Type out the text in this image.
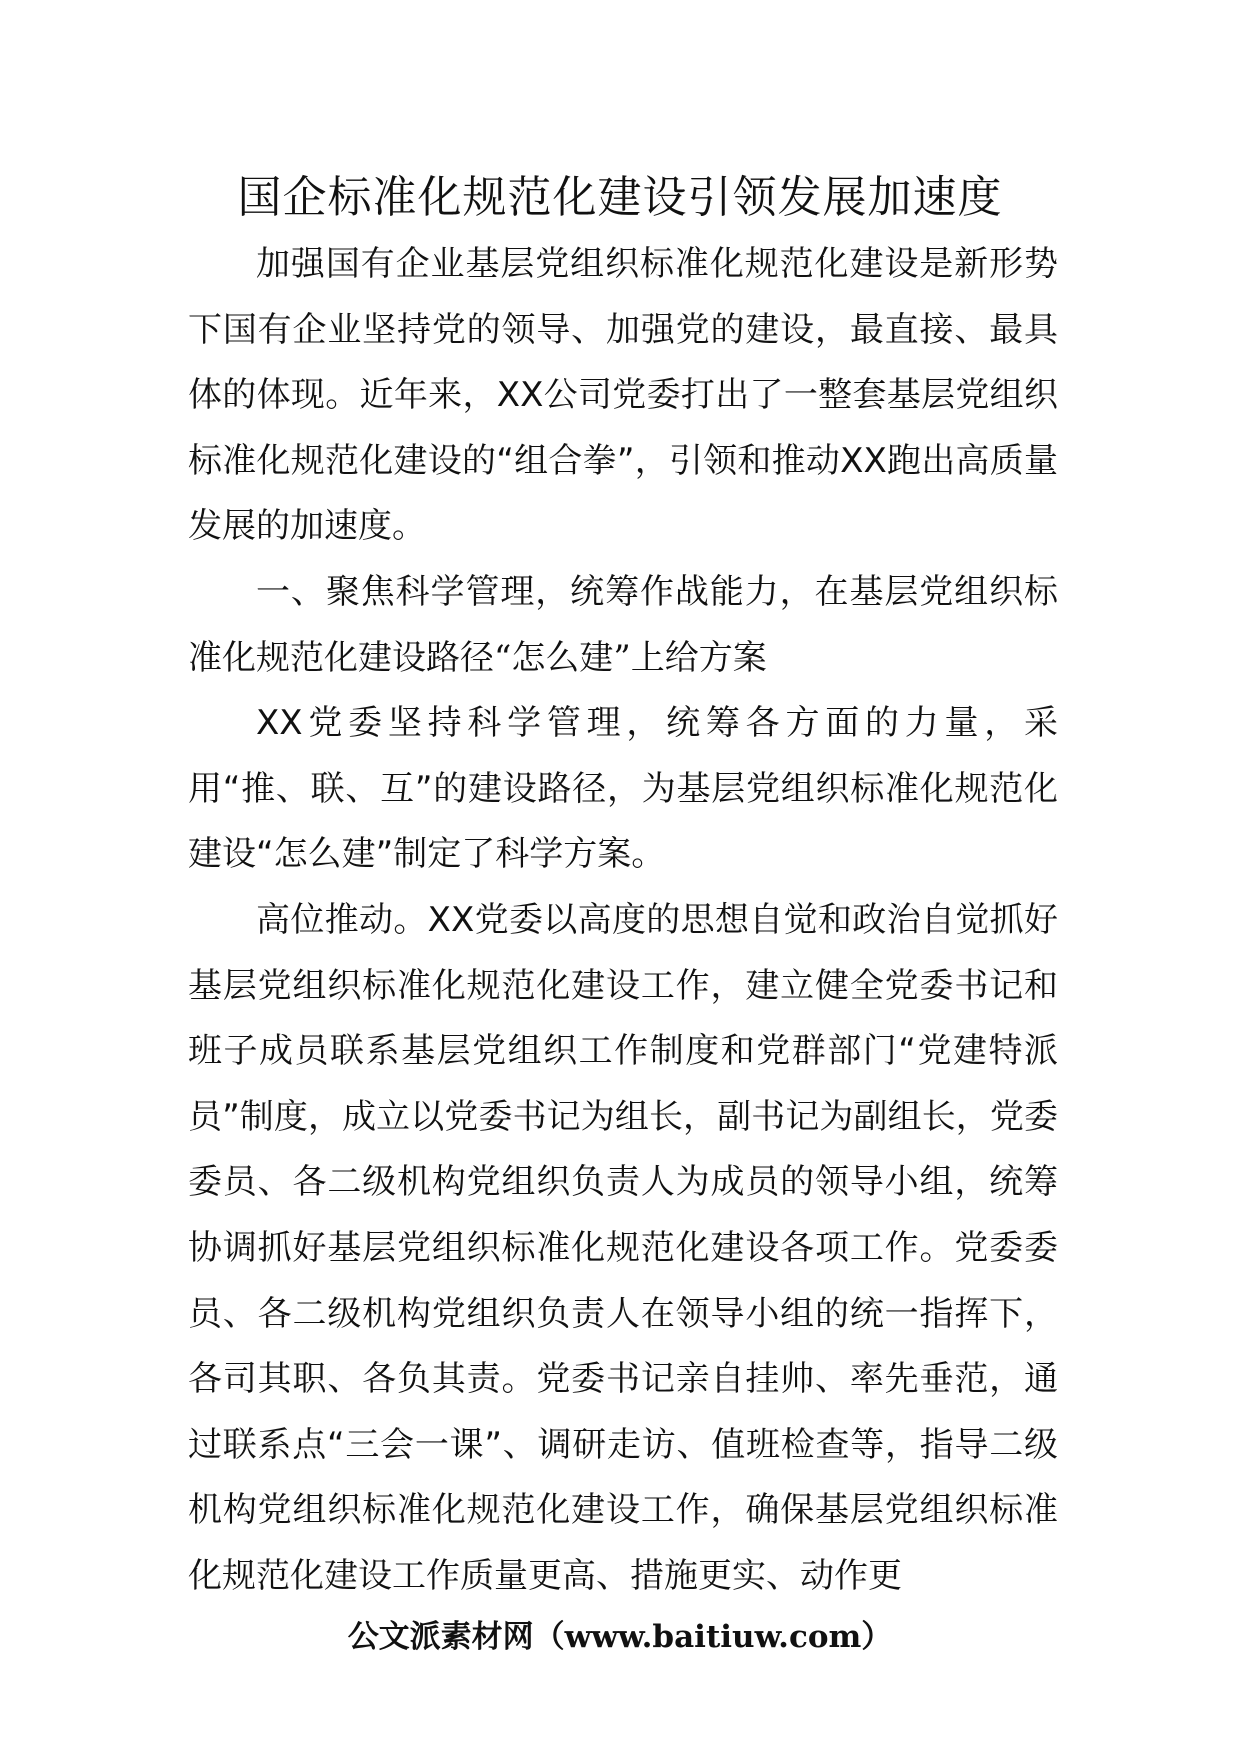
国企标准化规范化建设引领发展加速度

加强国有企业基层党组织标准化规范化建设是新形势下国有企业坚持党的领导、加强党的建设，最直接、最具体的体现。近年来，XX公司党委打出了一整套基层党组织标准化规范化建设的“组合拳”，引领和推动XX跑出高质量发展的加速度。

一、聚焦科学管理，统筹作战能力，在基层党组织标准化规范化建设路径“怎么建”上给方案

XX党委坚持科学管理，统筹各方面的力量，采用“推、联、互”的建设路径，为基层党组织标准化规范化建设“怎么建”制定了科学方案。

高位推动。XX党委以高度的思想自觉和政治自觉抓好基层党组织标准化规范化建设工作，建立健全党委书记和班子成员联系基层党组织工作制度和党群部门“党建特派员”制度，成立以党委书记为组长，副书记为副组长，党委委员、各二级机构党组织负责人为成员的领导小组，统筹协调抓好基层党组织标准化规范化建设各项工作。党委委员、各二级机构党组织负责人在领导小组的统一指挥下，各司其职、各负其责。党委书记亲自挂帅、率先垂范，通过联系点“三会一课”、调研走访、值班检查等，指导二级机构党组织标准化规范化建设工作，确保基层党组织标准化规范化建设工作质量更高、措施更实、动作更

公文派素材网（www.baitiuw.com）
